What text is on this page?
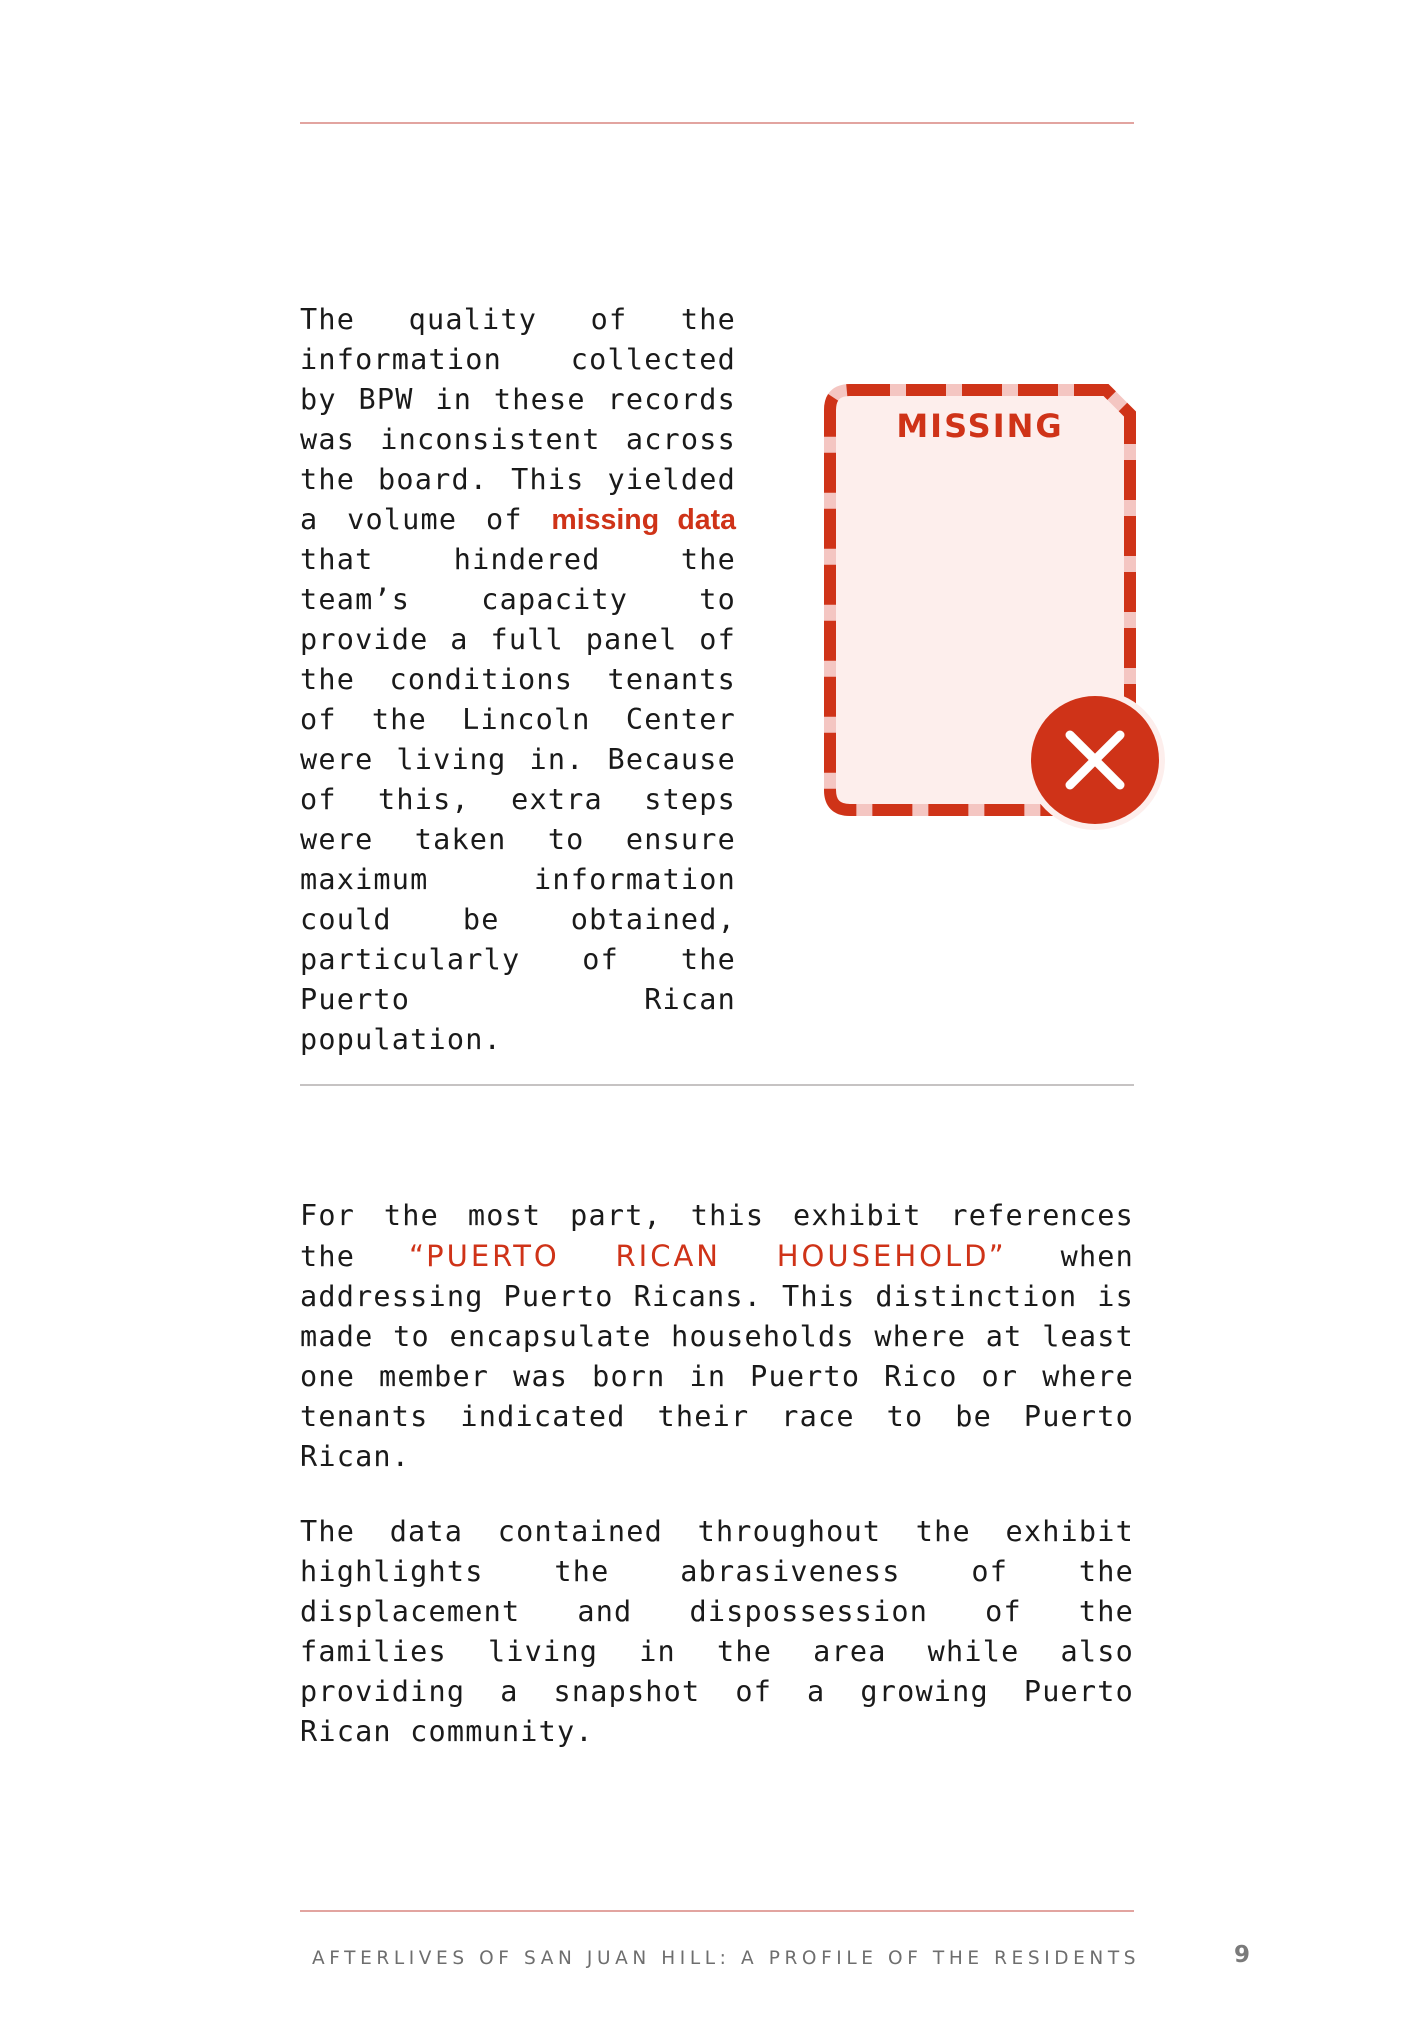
The quality of the information collected by BPW in these records was inconsistent across the board. This yielded a volume of missing data that hindered the team’s capacity to provide a full panel of the conditions tenants of the Lincoln Center were living in. Because of this, extra steps were taken to ensure maximum information could be obtained, particularly of the Puerto Rican population.

MISSING

For the most part, this exhibit references the “PUERTO RICAN HOUSEHOLD” when addressing Puerto Ricans. This distinction is made to encapsulate households where at least one member was born in Puerto Rico or where tenants indicated their race to be Puerto Rican.

The data contained throughout the exhibit highlights the abrasiveness of the displacement and dispossession of the families living in the area while also providing a snapshot of a growing Puerto Rican community.

AFTERLIVES OF SAN JUAN HILL: A PROFILE OF THE RESIDENTS	9
